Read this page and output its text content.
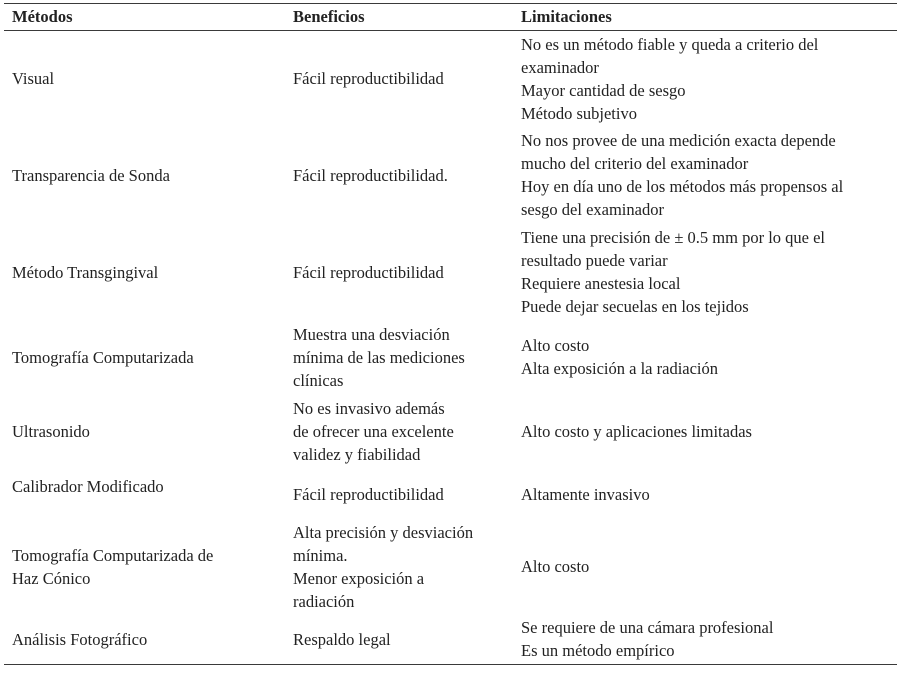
Métodos	Beneficios	Limitaciones

Visual	Fácil reproductibilidad	No es un método fiable y queda a criterio del
examinador
Mayor cantidad de sesgo
Método subjetivo

Transparencia de Sonda	Fácil reproductibilidad.	No nos provee de una medición exacta depende
mucho del criterio del examinador
Hoy en día uno de los métodos más propensos al
sesgo del examinador

Método Transgingival	Fácil reproductibilidad	Tiene una precisión de ± 0.5 mm por lo que el
resultado puede variar
Requiere anestesia local
Puede dejar secuelas en los tejidos

Tomografía Computarizada	Muestra una desviación
mínima de las mediciones
clínicas	Alto costo
Alta exposición a la radiación

Ultrasonido	No es invasivo además
de ofrecer una excelente
validez y fiabilidad	Alto costo y aplicaciones limitadas

Calibrador Modificado	Fácil reproductibilidad	Altamente invasivo

Tomografía Computarizada de
Haz Cónico	Alta precisión y desviación
mínima.
Menor exposición a
radiación	Alto costo

Análisis Fotográfico	Respaldo legal	Se requiere de una cámara profesional
Es un método empírico
